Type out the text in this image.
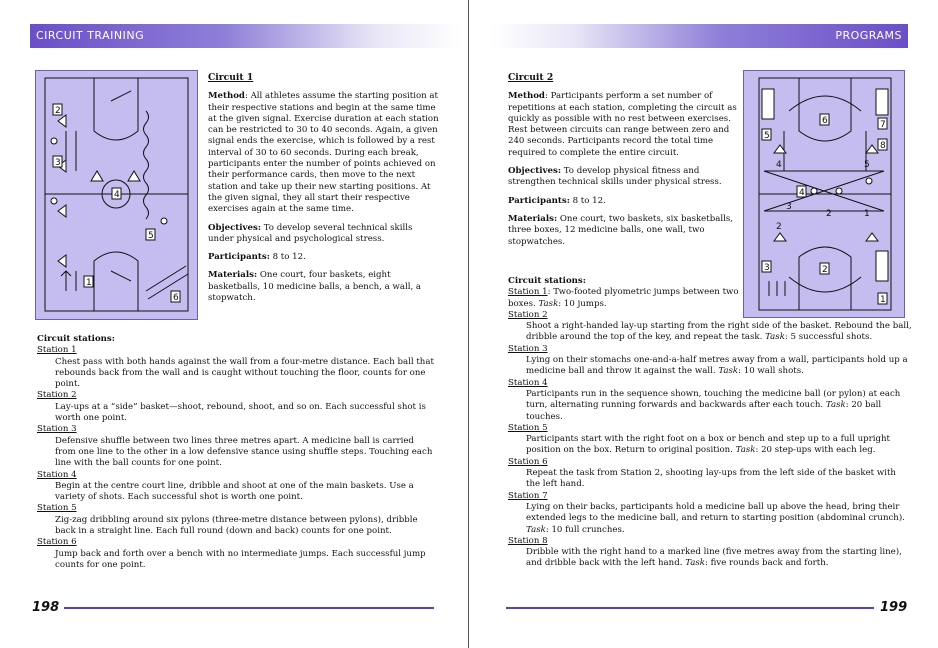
CIRCUIT TRAINING
2
3
4
5
1
6

Circuit 1

Method: All athletes assume the starting position at their respective stations and begin at the same time at the given signal. Exercise duration at each station can be restricted to 30 to 40 seconds. Again, a given signal ends the exercise, which is followed by a rest interval of 30 to 60 seconds. During each break, participants enter the number of points achieved on their performance cards, then move to the next station and take up their new starting positions. At the given signal, they all start their respective exercises again at the same time.

Objectives: To develop several technical skills under physical and psychological stress.

Participants: 8 to 12.

Materials: One court, four baskets, eight basketballs, 10 medicine balls, a bench, a wall, a stopwatch.

Circuit stations:
Station 1
Chest pass with both hands against the wall from a four-metre distance. Each ball that rebounds back from the wall and is caught without touching the floor, counts for one point.
Station 2
Lay-ups at a “side” basket—shoot, rebound, shoot, and so on. Each successful shot is worth one point.
Station 3
Defensive shuffle between two lines three metres apart. A medicine ball is carried from one line to the other in a low defensive stance using shuffle steps. Touching each line with the ball counts for one point.
Station 4
Begin at the centre court line, dribble and shoot at one of the main baskets. Use a variety of shots. Each successful shot is worth one point.
Station 5
Zig-zag dribbling around six pylons (three-metre distance between pylons), dribble back in a straight line. Each full round (down and back) counts for one point.
Station 6
Jump back and forth over a bench with no intermediate jumps. Each successful jump counts for one point.
198
PROGRAMS

Circuit 2

Method: Participants perform a set number of repetitions at each station, completing the circuit as quickly as possible with no rest between exercises. Rest between circuits can range between zero and 240 seconds. Participants record the total time required to complete the entire circuit.

Objectives: To develop physical fitness and strengthen technical skills under physical stress.

Participants: 8 to 12.

Materials: One court, two baskets, six basketballs, three boxes, 12 medicine balls, one wall, two stopwatches.

5
6	7
8
4
2
3
1
4	5
3
2
2
1
Circuit stations:
Station 1: Two-footed plyometric jumps between two boxes. Task: 10 jumps.
Station 2
Shoot a right-handed lay-up starting from the right side of the basket. Rebound the ball, dribble around the top of the key, and repeat the task. Task: 5 successful shots.
Station 3
Lying on their stomachs one-and-a-half metres away from a wall, participants hold up a medicine ball and throw it against the wall. Task: 10 wall shots.
Station 4
Participants run in the sequence shown, touching the medicine ball (or pylon) at each turn, alternating running forwards and backwards after each touch. Task: 20 ball touches.
Station 5
Participants start with the right foot on a box or bench and step up to a full upright position on the box. Return to original position. Task: 20 step-ups with each leg.
Station 6
Repeat the task from Station 2, shooting lay-ups from the left side of the basket with the left hand.
Station 7
Lying on their backs, participants hold a medicine ball up above the head, bring their extended legs to the medicine ball, and return to starting position (abdominal crunch). Task: 10 full crunches.
Station 8
Dribble with the right hand to a marked line (five metres away from the starting line), and dribble back with the left hand. Task: five rounds back and forth.
199
